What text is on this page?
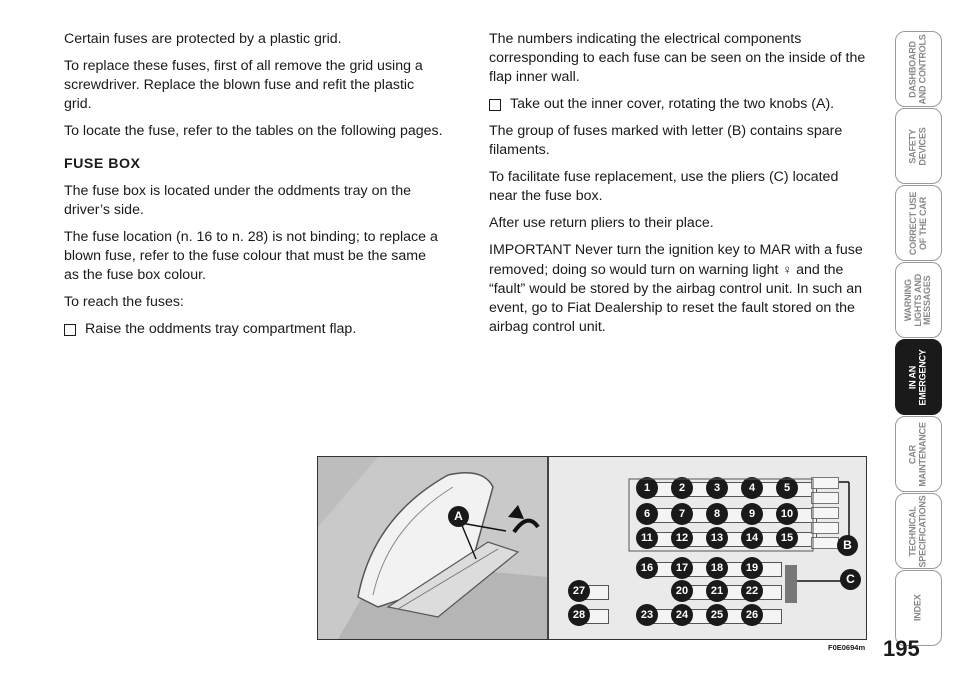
Certain fuses are protected by a plastic grid.

To replace these fuses, first of all remove the grid using a screwdriver. Replace the blown fuse and refit the plastic grid.

To locate the fuse, refer to the tables on the following pages.

FUSE BOX

The fuse box is located under the oddments tray on the driver’s side.

The fuse location (n. 16 to n. 28) is not binding; to replace a blown fuse, refer to the fuse colour that must be the same as the fuse box colour.

To reach the fuses:

Raise the oddments tray compartment flap.

The numbers indicating the electrical components corresponding to each fuse can be seen on the inside of the flap inner wall.

Take out the inner cover, rotating the two knobs (A).

The group of fuses marked with letter (B) contains spare filaments.

To facilitate fuse replacement, use the pliers (C) located near the fuse box.

After use return pliers to their place.

IMPORTANT Never turn the ignition key to MAR with a fuse removed; doing so would turn on warning light ♀ and the “fault” would be stored by the airbag control unit. In such an event, go to Fiat Dealership to reset the fault stored on the airbag control unit.

DASHBOARD
AND CONTROLS
SAFETY
DEVICES
CORRECT USE
OF THE CAR
WARNING
LIGHTS AND
MESSAGES
IN AN
EMERGENCY
CAR
MAINTENANCE
TECHNICAL
SPECIFICATIONS
INDEX
A
1	2	3	4	5
6	7	8	9	10
11	12	13	14	15
16	17	18	19
20	21	22
23	24	25	26
27
28
B
C
F0E0694m 195
